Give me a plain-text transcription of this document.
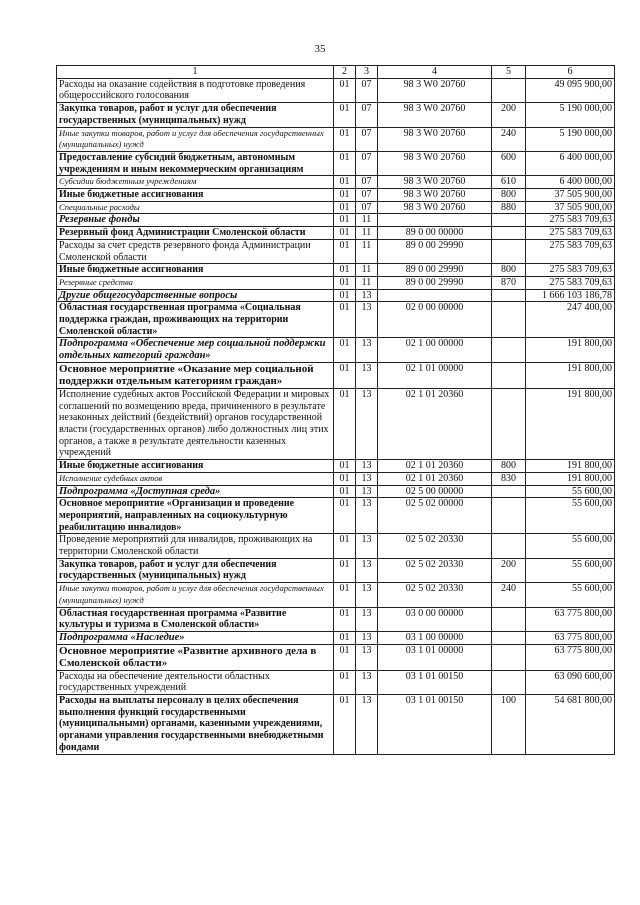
35
1	2	3	4	5	6
Расходы на оказание содействия в подготовке проведения общероссийского голосования	01	07	98 3 W0 20760		49 095 900,00
Закупка товаров, работ и услуг для обеспечения государственных (муниципальных) нужд	01	07	98 3 W0 20760	200	5 190 000,00
Иные закупки товаров, работ и услуг для обеспечения государственных (муниципальных) нужд	01	07	98 3 W0 20760	240	5 190 000,00
Предоставление субсидий бюджетным, автономным учреждениям и иным некоммерческим организациям	01	07	98 3 W0 20760	600	6 400 000,00
Субсидии бюджетным учреждениям	01	07	98 3 W0 20760	610	6 400 000,00
Иные бюджетные ассигнования	01	07	98 3 W0 20760	800	37 505 900,00
Специальные расходы	01	07	98 3 W0 20760	880	37 505 900,00
Резервные фонды	01	11			275 583 709,63
Резервный фонд Администрации Смоленской области	01	11	89 0 00 00000		275 583 709,63
Расходы за счет средств резервного фонда Администрации Смоленской области	01	11	89 0 00 29990		275 583 709,63
Иные бюджетные ассигнования	01	11	89 0 00 29990	800	275 583 709,63
Резервные средства	01	11	89 0 00 29990	870	275 583 709,63
Другие общегосударственные вопросы	01	13			1 666 103 186,78
Областная государственная программа «Социальная поддержка граждан, проживающих на территории Смоленской области»	01	13	02 0 00 00000		247 400,00
Подпрограмма «Обеспечение мер социальной поддержки отдельных категорий граждан»	01	13	02 1 00 00000		191 800,00
Основное мероприятие «Оказание мер социальной поддержки отдельным категориям граждан»	01	13	02 1 01 00000		191 800,00
Исполнение судебных актов Российской Федерации и мировых соглашений по возмещению вреда, причиненного в результате незаконных действий (бездействий) органов государственной власти (государственных органов) либо должностных лиц этих органов, а также в результате деятельности казенных учреждений	01	13	02 1 01 20360		191 800,00
Иные бюджетные ассигнования	01	13	02 1 01 20360	800	191 800,00
Исполнение судебных актов	01	13	02 1 01 20360	830	191 800,00
Подпрограмма «Доступная среда»	01	13	02 5 00 00000		55 600,00
Основное мероприятие «Организация и проведение мероприятий, направленных на социокультурную реабилитацию инвалидов»	01	13	02 5 02 00000		55 600,00
Проведение мероприятий для инвалидов, проживающих на территории Смоленской области	01	13	02 5 02 20330		55 600,00
Закупка товаров, работ и услуг для обеспечения государственных (муниципальных) нужд	01	13	02 5 02 20330	200	55 600,00
Иные закупки товаров, работ и услуг для обеспечения государственных (муниципальных) нужд	01	13	02 5 02 20330	240	55 600,00
Областная государственная программа «Развитие культуры и туризма в Смоленской области»	01	13	03 0 00 00000		63 775 800,00
Подпрограмма «Наследие»	01	13	03 1 00 00000		63 775 800,00
Основное мероприятие «Развитие архивного дела в Смоленской области»	01	13	03 1 01 00000		63 775 800,00
Расходы на обеспечение деятельности областных государственных учреждений	01	13	03 1 01 00150		63 090 600,00
Расходы на выплаты персоналу в целях обеспечения выполнения функций государственными (муниципальными) органами, казенными учреждениями, органами управления государственными внебюджетными фондами	01	13	03 1 01 00150	100	54 681 800,00
